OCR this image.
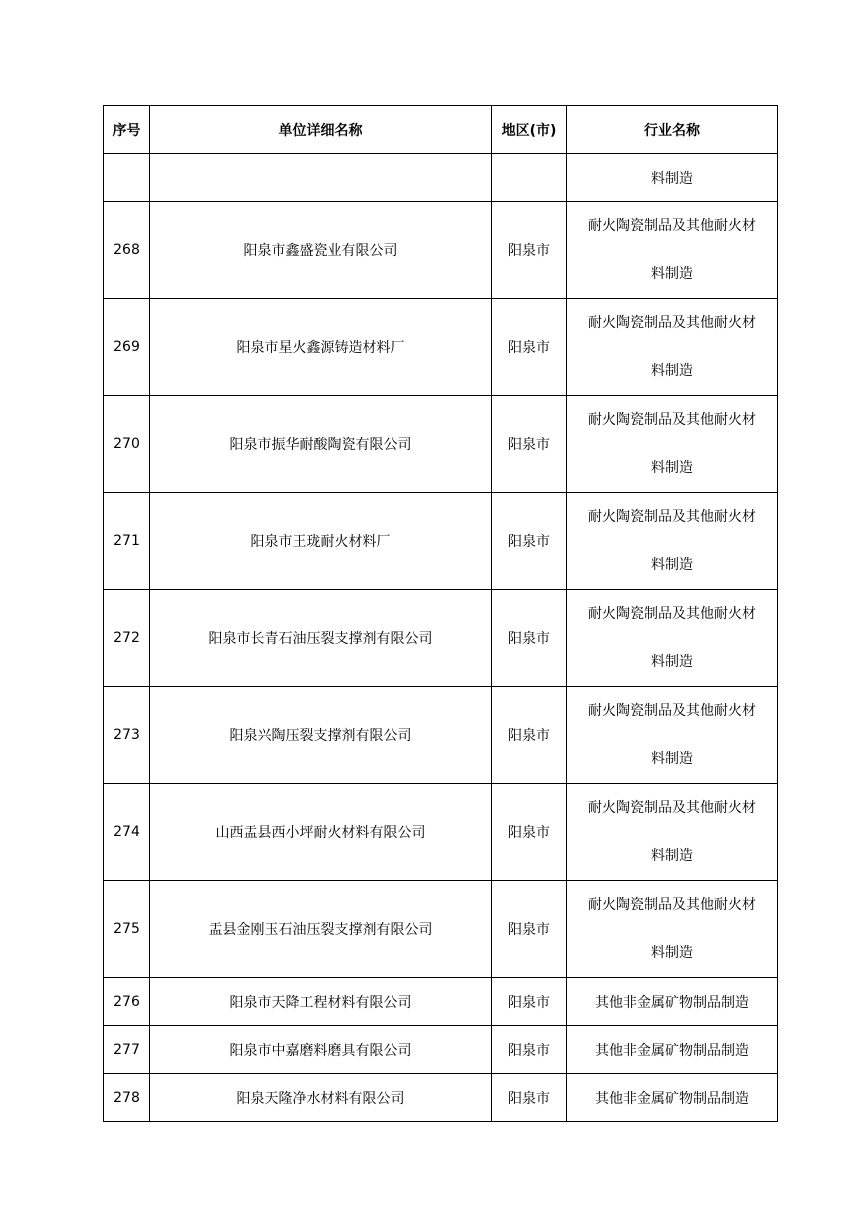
序号	单位详细名称	地区(市)	行业名称
			料制造
268	阳泉市鑫盛瓷业有限公司	阳泉市	耐火陶瓷制品及其他耐火材
料制造

269	阳泉市星火鑫源铸造材料厂	阳泉市	耐火陶瓷制品及其他耐火材
料制造

270	阳泉市振华耐酸陶瓷有限公司	阳泉市	耐火陶瓷制品及其他耐火材
料制造

271	阳泉市王珑耐火材料厂	阳泉市	耐火陶瓷制品及其他耐火材
料制造

272	阳泉市长青石油压裂支撑剂有限公司	阳泉市	耐火陶瓷制品及其他耐火材
料制造

273	阳泉兴陶压裂支撑剂有限公司	阳泉市	耐火陶瓷制品及其他耐火材
料制造

274	山西盂县西小坪耐火材料有限公司	阳泉市	耐火陶瓷制品及其他耐火材
料制造

275	盂县金刚玉石油压裂支撑剂有限公司	阳泉市	耐火陶瓷制品及其他耐火材
料制造

276	阳泉市天降工程材料有限公司	阳泉市	其他非金属矿物制品制造
277	阳泉市中嘉磨料磨具有限公司	阳泉市	其他非金属矿物制品制造
278	阳泉天隆净水材料有限公司	阳泉市	其他非金属矿物制品制造
